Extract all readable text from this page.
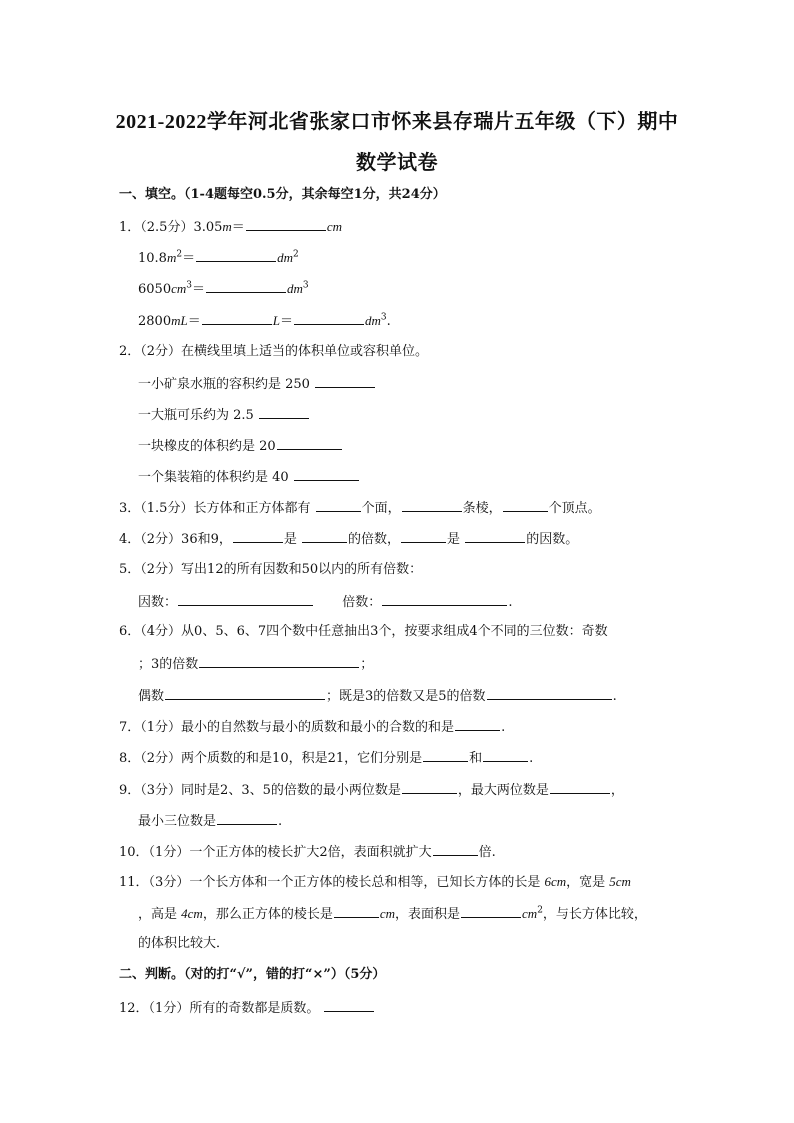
2021-2022学年河北省张家口市怀来县存瑞片五年级（下）期中
数学试卷
一、填空。（1-4题每空0.5分，其余每空1分，共24分）
1．（2.5分）3.05m＝	cm
$10.8m^2=$	$dm^2$
$6050cm^3=$	$dm^3$
2800mL＝	L＝	$dm^3$.
2．（2分）在横线里填上适当的体积单位或容积单位。
一小矿泉水瓶的容积约是 250
一大瓶可乐约为 2.5
一块橡皮的体积约是 20
一个集装箱的体积约是 40
3．（1.5分）长方体和正方体都有	个面，	条棱，	个顶点。
4．（2分）36和9，	是	的倍数，	是	的因数。
5．（2分）写出12的所有因数和50以内的所有倍数：
因数：	倍数：	.
6．（4分）从0、5、6、7四个数中任意抽出3个，按要求组成4个不同的三位数：奇数
；3的倍数	；
偶数	；既是3的倍数又是5的倍数	.
7．（1分）最小的自然数与最小的质数和最小的合数的和是	.
8．（2分）两个质数的和是10，积是21，它们分别是	和	.
9．（3分）同时是2、3、5的倍数的最小两位数是	，最大两位数是	，
最小三位数是	.
10．（1分）一个正方体的棱长扩大2倍，表面积就扩大	倍.
11．（3分）一个长方体和一个正方体的棱长总和相等，已知长方体的长是 6cm，宽是 5cm
，高是 4cm，那么正方体的棱长是	cm，表面积是	$cm^2$，与长方体比较，
的体积比较大．
二、判断。（对的打“√”，错的打“×”）（5分）
12．（1分）所有的奇数都是质数。
